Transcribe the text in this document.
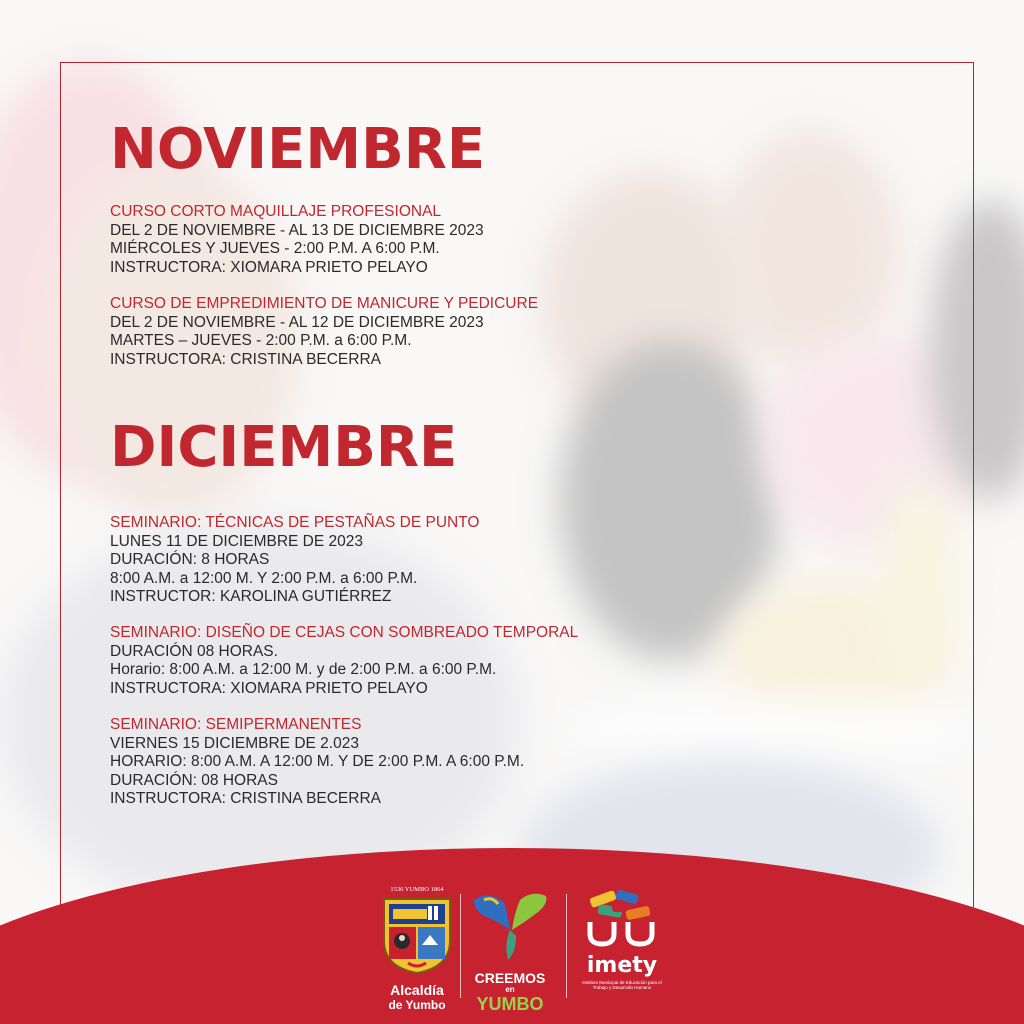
NOVIEMBRE
CURSO CORTO MAQUILLAJE PROFESIONAL
DEL 2 DE NOVIEMBRE - AL 13 DE DICIEMBRE 2023
MIÉRCOLES Y JUEVES - 2:00 P.M. A 6:00 P.M.
INSTRUCTORA: XIOMARA PRIETO PELAYO
CURSO DE EMPREDIMIENTO DE MANICURE Y PEDICURE
DEL 2 DE NOVIEMBRE - AL 12 DE DICIEMBRE 2023
MARTES – JUEVES - 2:00 P.M. a 6:00 P.M.
INSTRUCTORA: CRISTINA BECERRA
DICIEMBRE
SEMINARIO: TÉCNICAS DE PESTAÑAS DE PUNTO
LUNES 11 DE DICIEMBRE DE 2023
DURACIÓN: 8 HORAS
8:00 A.M. a 12:00 M. Y 2:00 P.M. a 6:00 P.M.
INSTRUCTOR: KAROLINA GUTIÉRREZ
SEMINARIO: DISEÑO DE CEJAS CON SOMBREADO TEMPORAL
DURACIÓN 08 HORAS.
Horario: 8:00 A.M. a 12:00 M. y de 2:00 P.M. a 6:00 P.M.
INSTRUCTORA: XIOMARA PRIETO PELAYO
SEMINARIO: SEMIPERMANENTES
VIERNES 15 DICIEMBRE DE 2.023
HORARIO: 8:00 A.M. A 12:00 M. Y DE 2:00 P.M. A 6:00 P.M.
DURACIÓN: 08 HORAS
INSTRUCTORA: CRISTINA BECERRA
1536 YUMBO 1864
Alcaldía
de Yumbo
CREEMOS
en
YUMBO
imety
Instituto Municipal de Educación para el Trabajo y Desarrollo Humano
